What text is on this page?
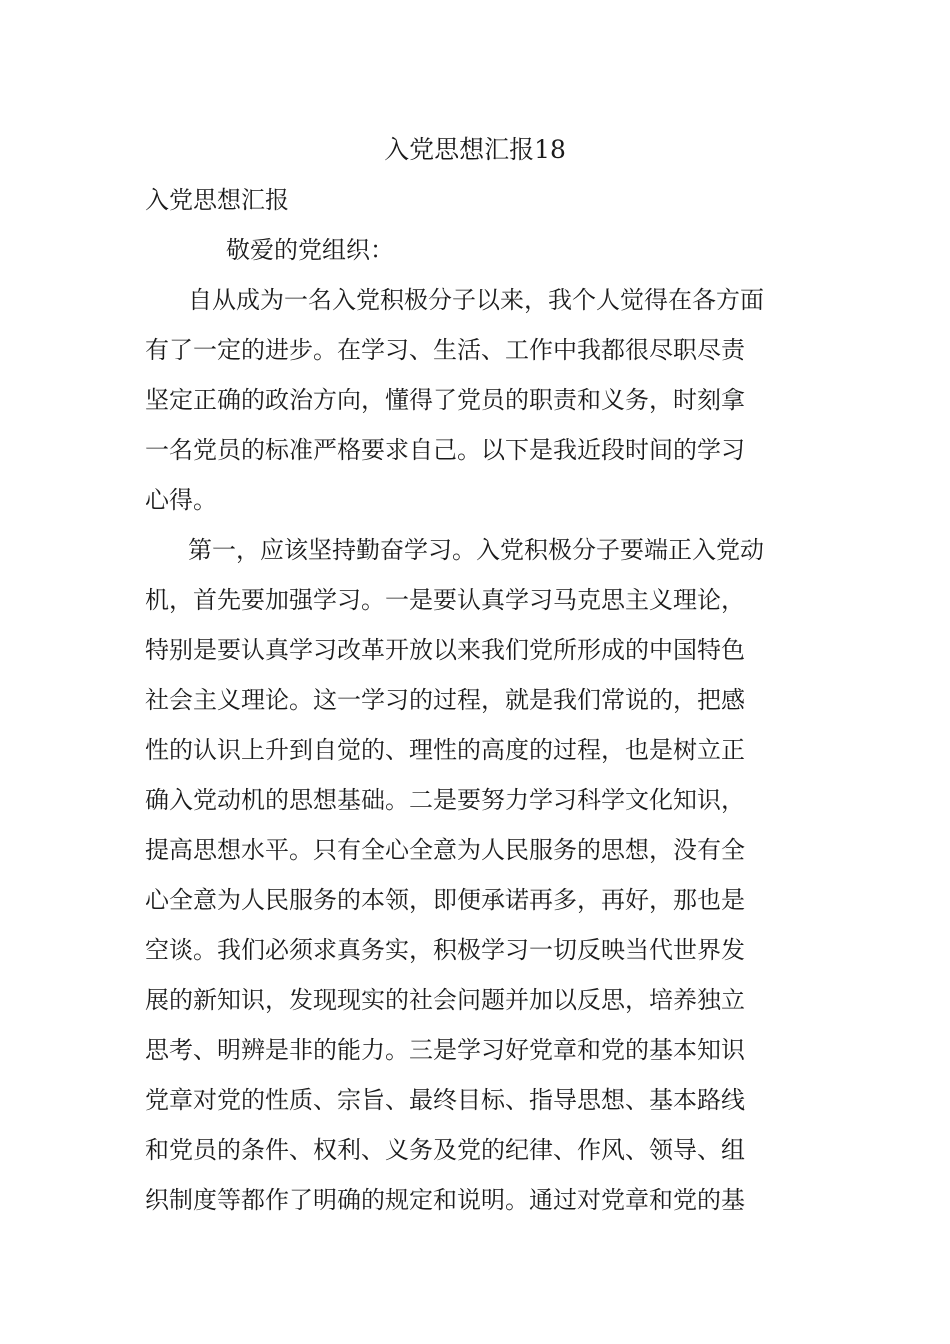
入党思想汇报18

入党思想汇报

敬爱的党组织：

自从成为一名入党积极分子以来，我个人觉得在各方面

有了一定的进步。在学习、生活、工作中我都很尽职尽责

坚定正确的政治方向，懂得了党员的职责和义务，时刻拿

一名党员的标准严格要求自己。以下是我近段时间的学习

心得。

第一，应该坚持勤奋学习。入党积极分子要端正入党动

机，首先要加强学习。一是要认真学习马克思主义理论，

特别是要认真学习改革开放以来我们党所形成的中国特色

社会主义理论。这一学习的过程，就是我们常说的，把感

性的认识上升到自觉的、理性的高度的过程，也是树立正

确入党动机的思想基础。二是要努力学习科学文化知识，

提高思想水平。只有全心全意为人民服务的思想，没有全

心全意为人民服务的本领，即便承诺再多，再好，那也是

空谈。我们必须求真务实，积极学习一切反映当代世界发

展的新知识，发现现实的社会问题并加以反思，培养独立

思考、明辨是非的能力。三是学习好党章和党的基本知识

党章对党的性质、宗旨、最终目标、指导思想、基本路线

和党员的条件、权利、义务及党的纪律、作风、领导、组

织制度等都作了明确的规定和说明。通过对党章和党的基
